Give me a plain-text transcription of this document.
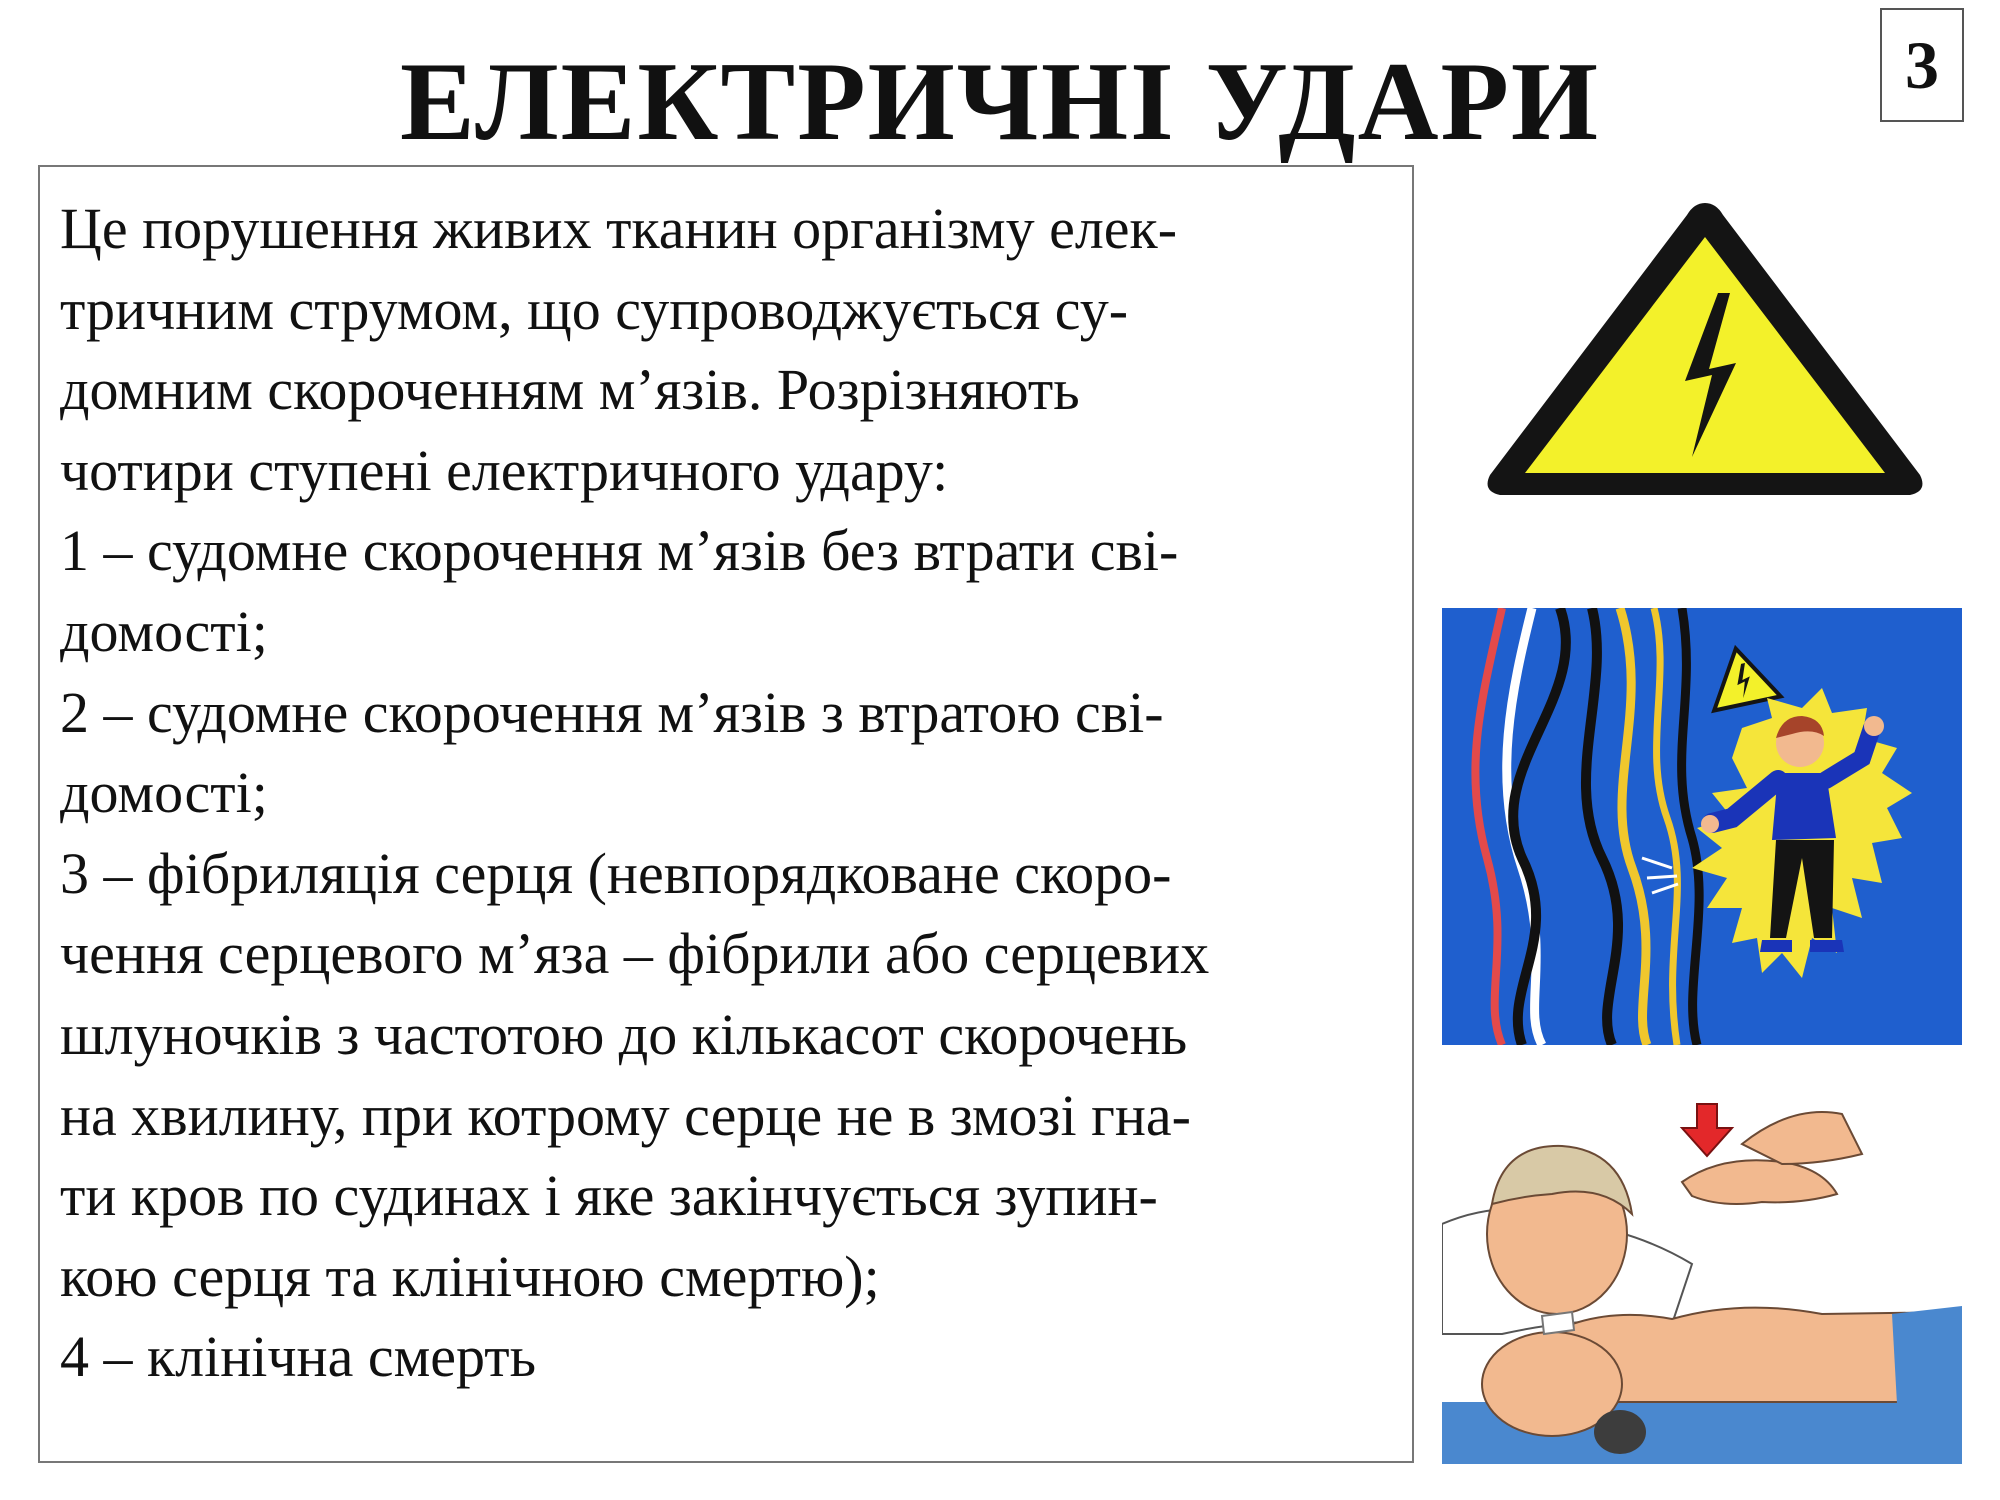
ЕЛЕКТРИЧНІ УДАРИ	3
Це порушення живих тканин організму елек-
тричним струмом, що супроводжується су-
домним скороченням м’язів. Розрізняють
чотири ступені електричного удару:
1 – судомне скорочення м’язів без втрати сві-
домості;
2 – судомне скорочення м’язів з втратою сві-
домості;
3 – фібриляція серця (невпорядковане скоро-
чення серцевого м’яза – фібрили або серцевих
шлуночків з частотою до кількасот скорочень
на хвилину, при котрому серце не в змозі гна-
ти кров по судинах і яке закінчується зупин-
кою серця та клінічною смертю);
4 – клінічна смерть
